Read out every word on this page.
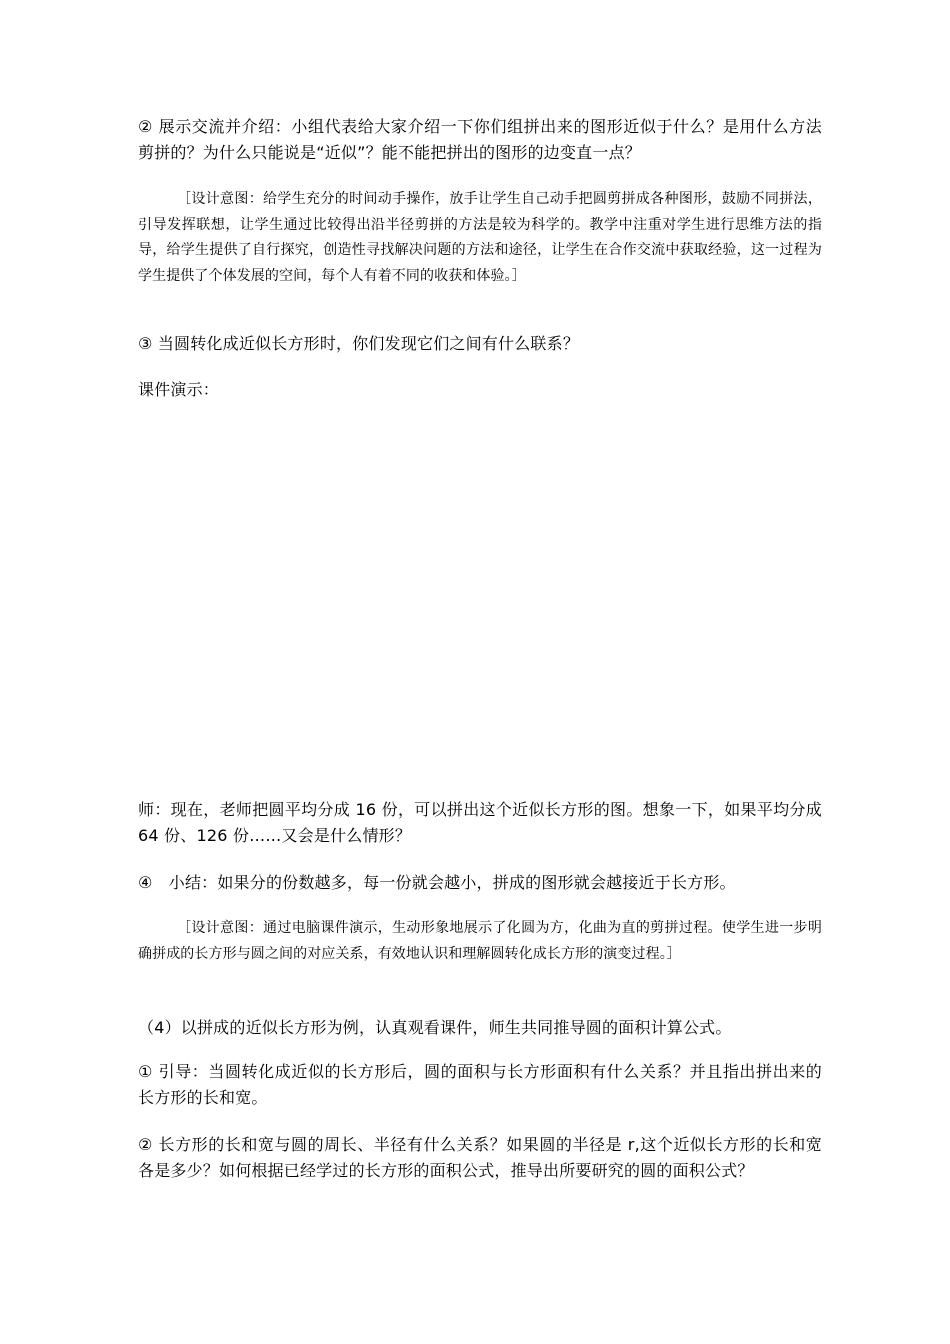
② 展示交流并介绍：小组代表给大家介绍一下你们组拼出来的图形近似于什么？是用什么方法剪拼的？为什么只能说是“近似”？能不能把拼出的图形的边变直一点？

［设计意图：给学生充分的时间动手操作，放手让学生自己动手把圆剪拼成各种图形，鼓励不同拼法，引导发挥联想，让学生通过比较得出沿半径剪拼的方法是较为科学的。教学中注重对学生进行思维方法的指导，给学生提供了自行探究，创造性寻找解决问题的方法和途径，让学生在合作交流中获取经验，这一过程为学生提供了个体发展的空间，每个人有着不同的收获和体验。］

③ 当圆转化成近似长方形时，你们发现它们之间有什么联系？

课件演示：

师：现在，老师把圆平均分成 16 份，可以拼出这个近似长方形的图。想象一下，如果平均分成 64 份、126 份……又会是什么情形？

④　小结：如果分的份数越多，每一份就会越小，拼成的图形就会越接近于长方形。

［设计意图：通过电脑课件演示，生动形象地展示了化圆为方，化曲为直的剪拼过程。使学生进一步明确拼成的长方形与圆之间的对应关系，有效地认识和理解圆转化成长方形的演变过程。］

（4）以拼成的近似长方形为例，认真观看课件，师生共同推导圆的面积计算公式。

① 引导：当圆转化成近似的长方形后，圆的面积与长方形面积有什么关系？并且指出拼出来的长方形的长和宽。

② 长方形的长和宽与圆的周长、半径有什么关系？如果圆的半径是 r,这个近似长方形的长和宽各是多少？如何根据已经学过的长方形的面积公式，推导出所要研究的圆的面积公式？
